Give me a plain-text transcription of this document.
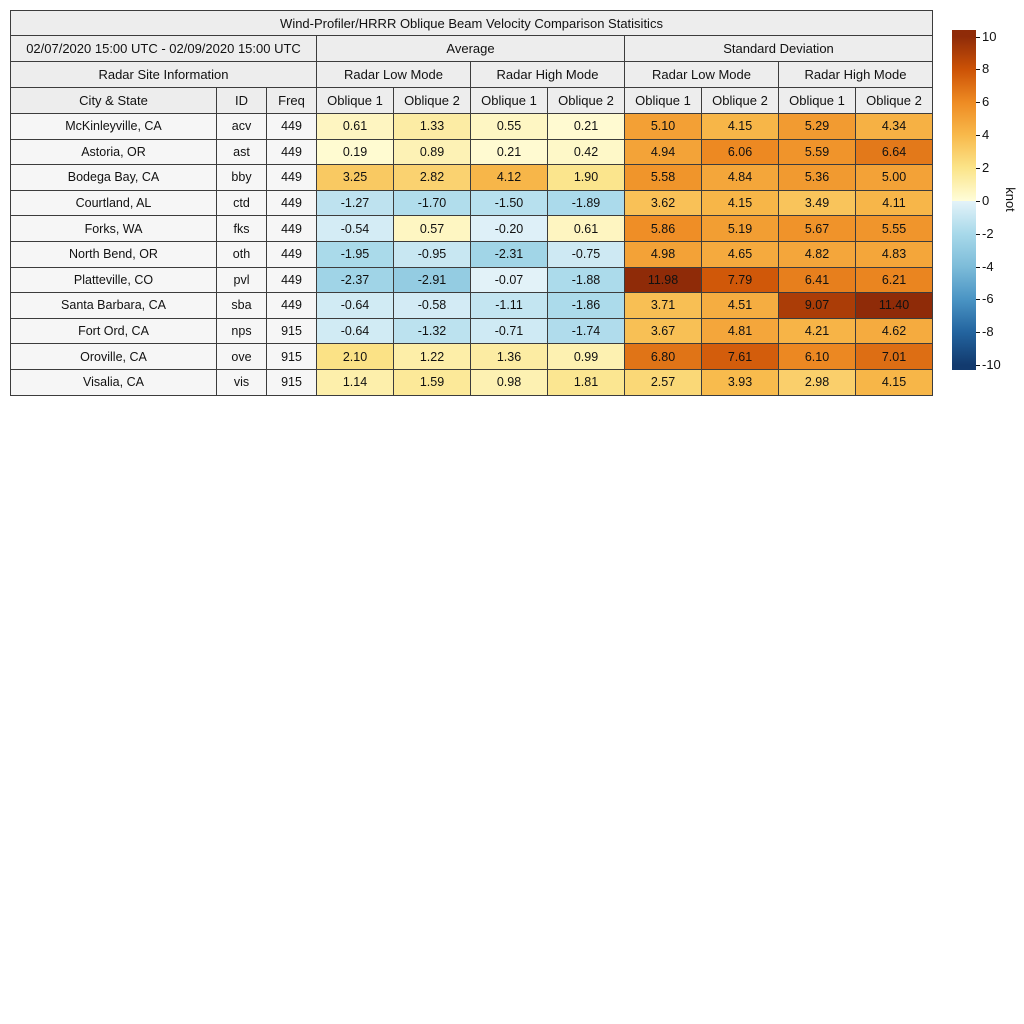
Wind-Profiler/HRRR Oblique Beam Velocity Comparison Statisitics										
02/07/2020 15:00 UTC - 02/09/2020 15:00 UTC			Average				Standard Deviation			
Radar Site Information			Radar Low Mode		Radar High Mode		Radar Low Mode		Radar High Mode	
City & State	ID	Freq	Oblique 1	Oblique 2	Oblique 1	Oblique 2	Oblique 1	Oblique 2	Oblique 1	Oblique 2
McKinleyville, CA	acv	449	0.61	1.33	0.55	0.21	5.10	4.15	5.29	4.34
Astoria, OR	ast	449	0.19	0.89	0.21	0.42	4.94	6.06	5.59	6.64
Bodega Bay, CA	bby	449	3.25	2.82	4.12	1.90	5.58	4.84	5.36	5.00
Courtland, AL	ctd	449	-1.27	-1.70	-1.50	-1.89	3.62	4.15	3.49	4.11
Forks, WA	fks	449	-0.54	0.57	-0.20	0.61	5.86	5.19	5.67	5.55
North Bend, OR	oth	449	-1.95	-0.95	-2.31	-0.75	4.98	4.65	4.82	4.83
Platteville, CO	pvl	449	-2.37	-2.91	-0.07	-1.88	11.98	7.79	6.41	6.21
Santa Barbara, CA	sba	449	-0.64	-0.58	-1.11	-1.86	3.71	4.51	9.07	11.40
Fort Ord, CA	nps	915	-0.64	-1.32	-0.71	-1.74	3.67	4.81	4.21	4.62
Oroville, CA	ove	915	2.10	1.22	1.36	0.99	6.80	7.61	6.10	7.01
Visalia, CA	vis	915	1.14	1.59	0.98	1.81	2.57	3.93	2.98	4.15
10
8
6
4
2
0
-2
-4
-6
-8
-10
knot
